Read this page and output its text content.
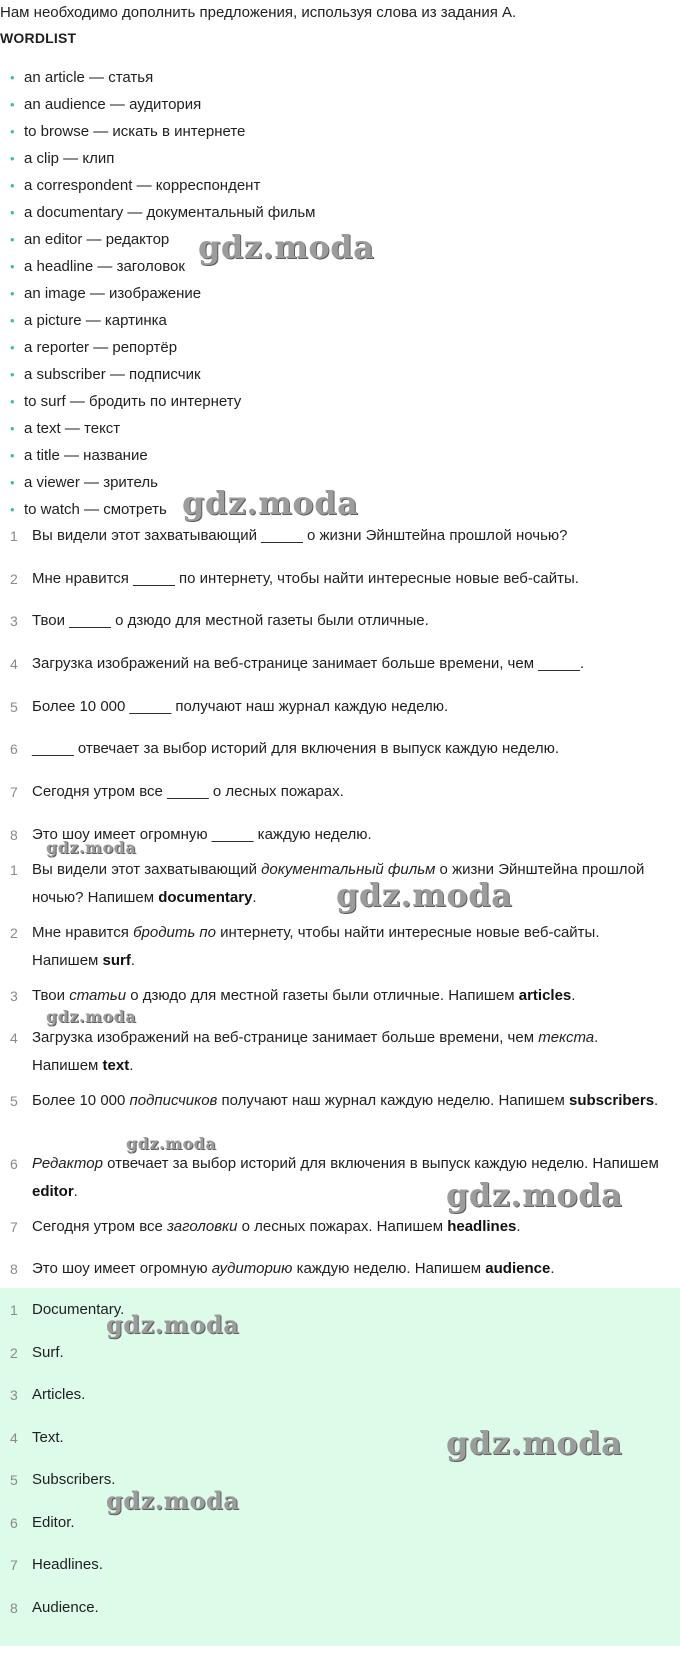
Нам необходимо дополнить предложения, используя слова из задания А.
WORDLIST
• an article — статья
• an audience — аудитория
• to browse — искать в интернете
• a clip — клип
• a correspondent — корреспондент
• a documentary — документальный фильм
• an editor — редактор
• a headline — заголовок
• an image — изображение
• a picture — картинка
• a reporter — репортёр
• a subscriber — подписчик
• to surf — бродить по интернету
• a text — текст
• a title — название
• a viewer — зритель
• to watch — смотреть
1 Вы видели этот захватывающий _____ о жизни Эйнштейна прошлой ночью?
2 Мне нравится _____ по интернету, чтобы найти интересные новые веб-сайты.
3 Твои _____ о дзюдо для местной газеты были отличные.
4 Загрузка изображений на веб-странице занимает больше времени, чем _____.
5 Более 10 000 _____ получают наш журнал каждую неделю.
6 _____ отвечает за выбор историй для включения в выпуск каждую неделю.
7 Сегодня утром все _____ о лесных пожарах.
8 Это шоу имеет огромную _____ каждую неделю.
1 Вы видели этот захватывающий документальный фильм о жизни Эйнштейна прошлой ночью? Напишем documentary.
2 Мне нравится бродить по интернету, чтобы найти интересные новые веб-сайты. Напишем surf.
3 Твои статьи о дзюдо для местной газеты были отличные. Напишем articles.
4 Загрузка изображений на веб-странице занимает больше времени, чем текста. Напишем text.
5 Более 10 000 подписчиков получают наш журнал каждую неделю. Напишем subscribers.
6 Редактор отвечает за выбор историй для включения в выпуск каждую неделю. Напишем editor.
7 Сегодня утром все заголовки о лесных пожарах. Напишем headlines.
8 Это шоу имеет огромную аудиторию каждую неделю. Напишем audience.
1 Documentary.
2 Surf.
3 Articles.
4 Text.
5 Subscribers.
6 Editor.
7 Headlines.
8 Audience.
gdz.moda
gdz.moda
gdz.moda
gdz.moda
gdz.moda
gdz.moda
gdz.moda
gdz.moda
gdz.moda
gdz.moda
